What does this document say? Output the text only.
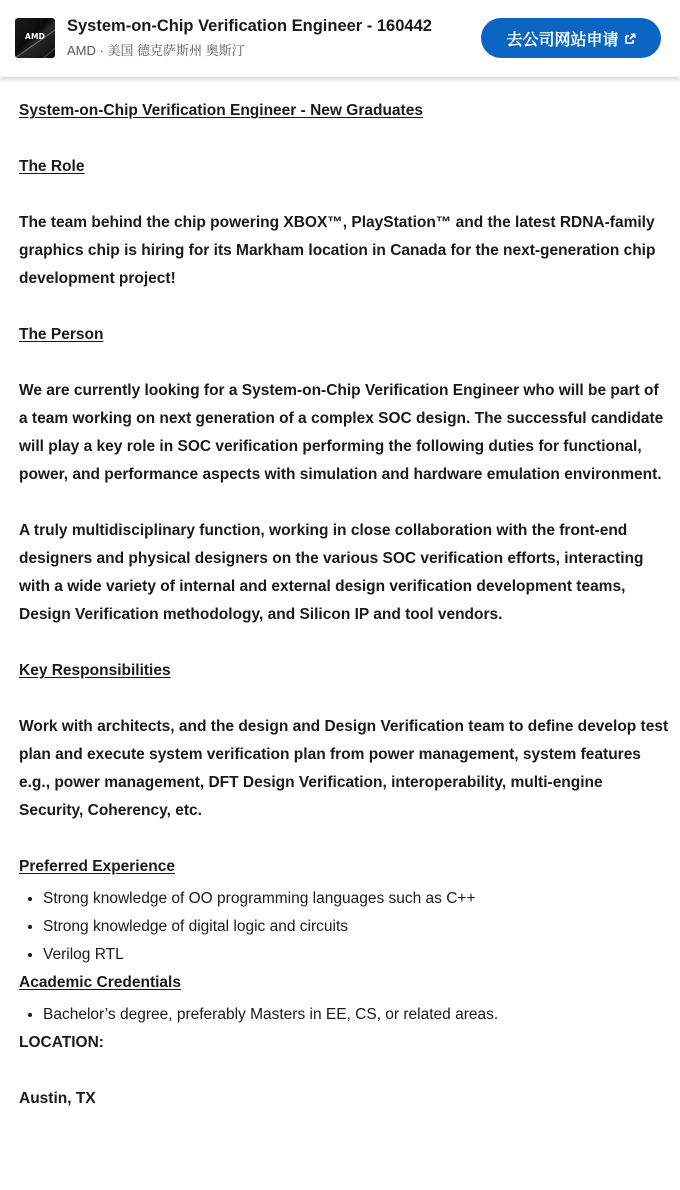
AMD
System-on-Chip Verification Engineer - 160442
AMD · 美国 德克萨斯州 奥斯汀
去公司网站申请

System-on-Chip Verification Engineer - New Graduates

The Role

The team behind the chip powering XBOX™, PlayStation™ and the latest RDNA-family graphics chip is hiring for its Markham location in Canada for the next-generation chip development project!

The Person

We are currently looking for a System-on-Chip Verification Engineer who will be part of a team working on next generation of a complex SOC design. The successful candidate will play a key role in SOC verification performing the following duties for functional, power, and performance aspects with simulation and hardware emulation environment.

A truly multidisciplinary function, working in close collaboration with the front-end designers and physical designers on the various SOC verification efforts, interacting with a wide variety of internal and external design verification development teams, Design Verification methodology, and Silicon IP and tool vendors.

Key Responsibilities

Work with architects, and the design and Design Verification team to define develop test plan and execute system verification plan from power management, system features e.g., power management, DFT Design Verification, interoperability, multi-engine Security, Coherency, etc.

Preferred Experience

• Strong knowledge of OO programming languages such as C++
• Strong knowledge of digital logic and circuits
• Verilog RTL

Academic Credentials

• Bachelor’s degree, preferably Masters in EE, CS, or related areas.

LOCATION:

Austin, TX
